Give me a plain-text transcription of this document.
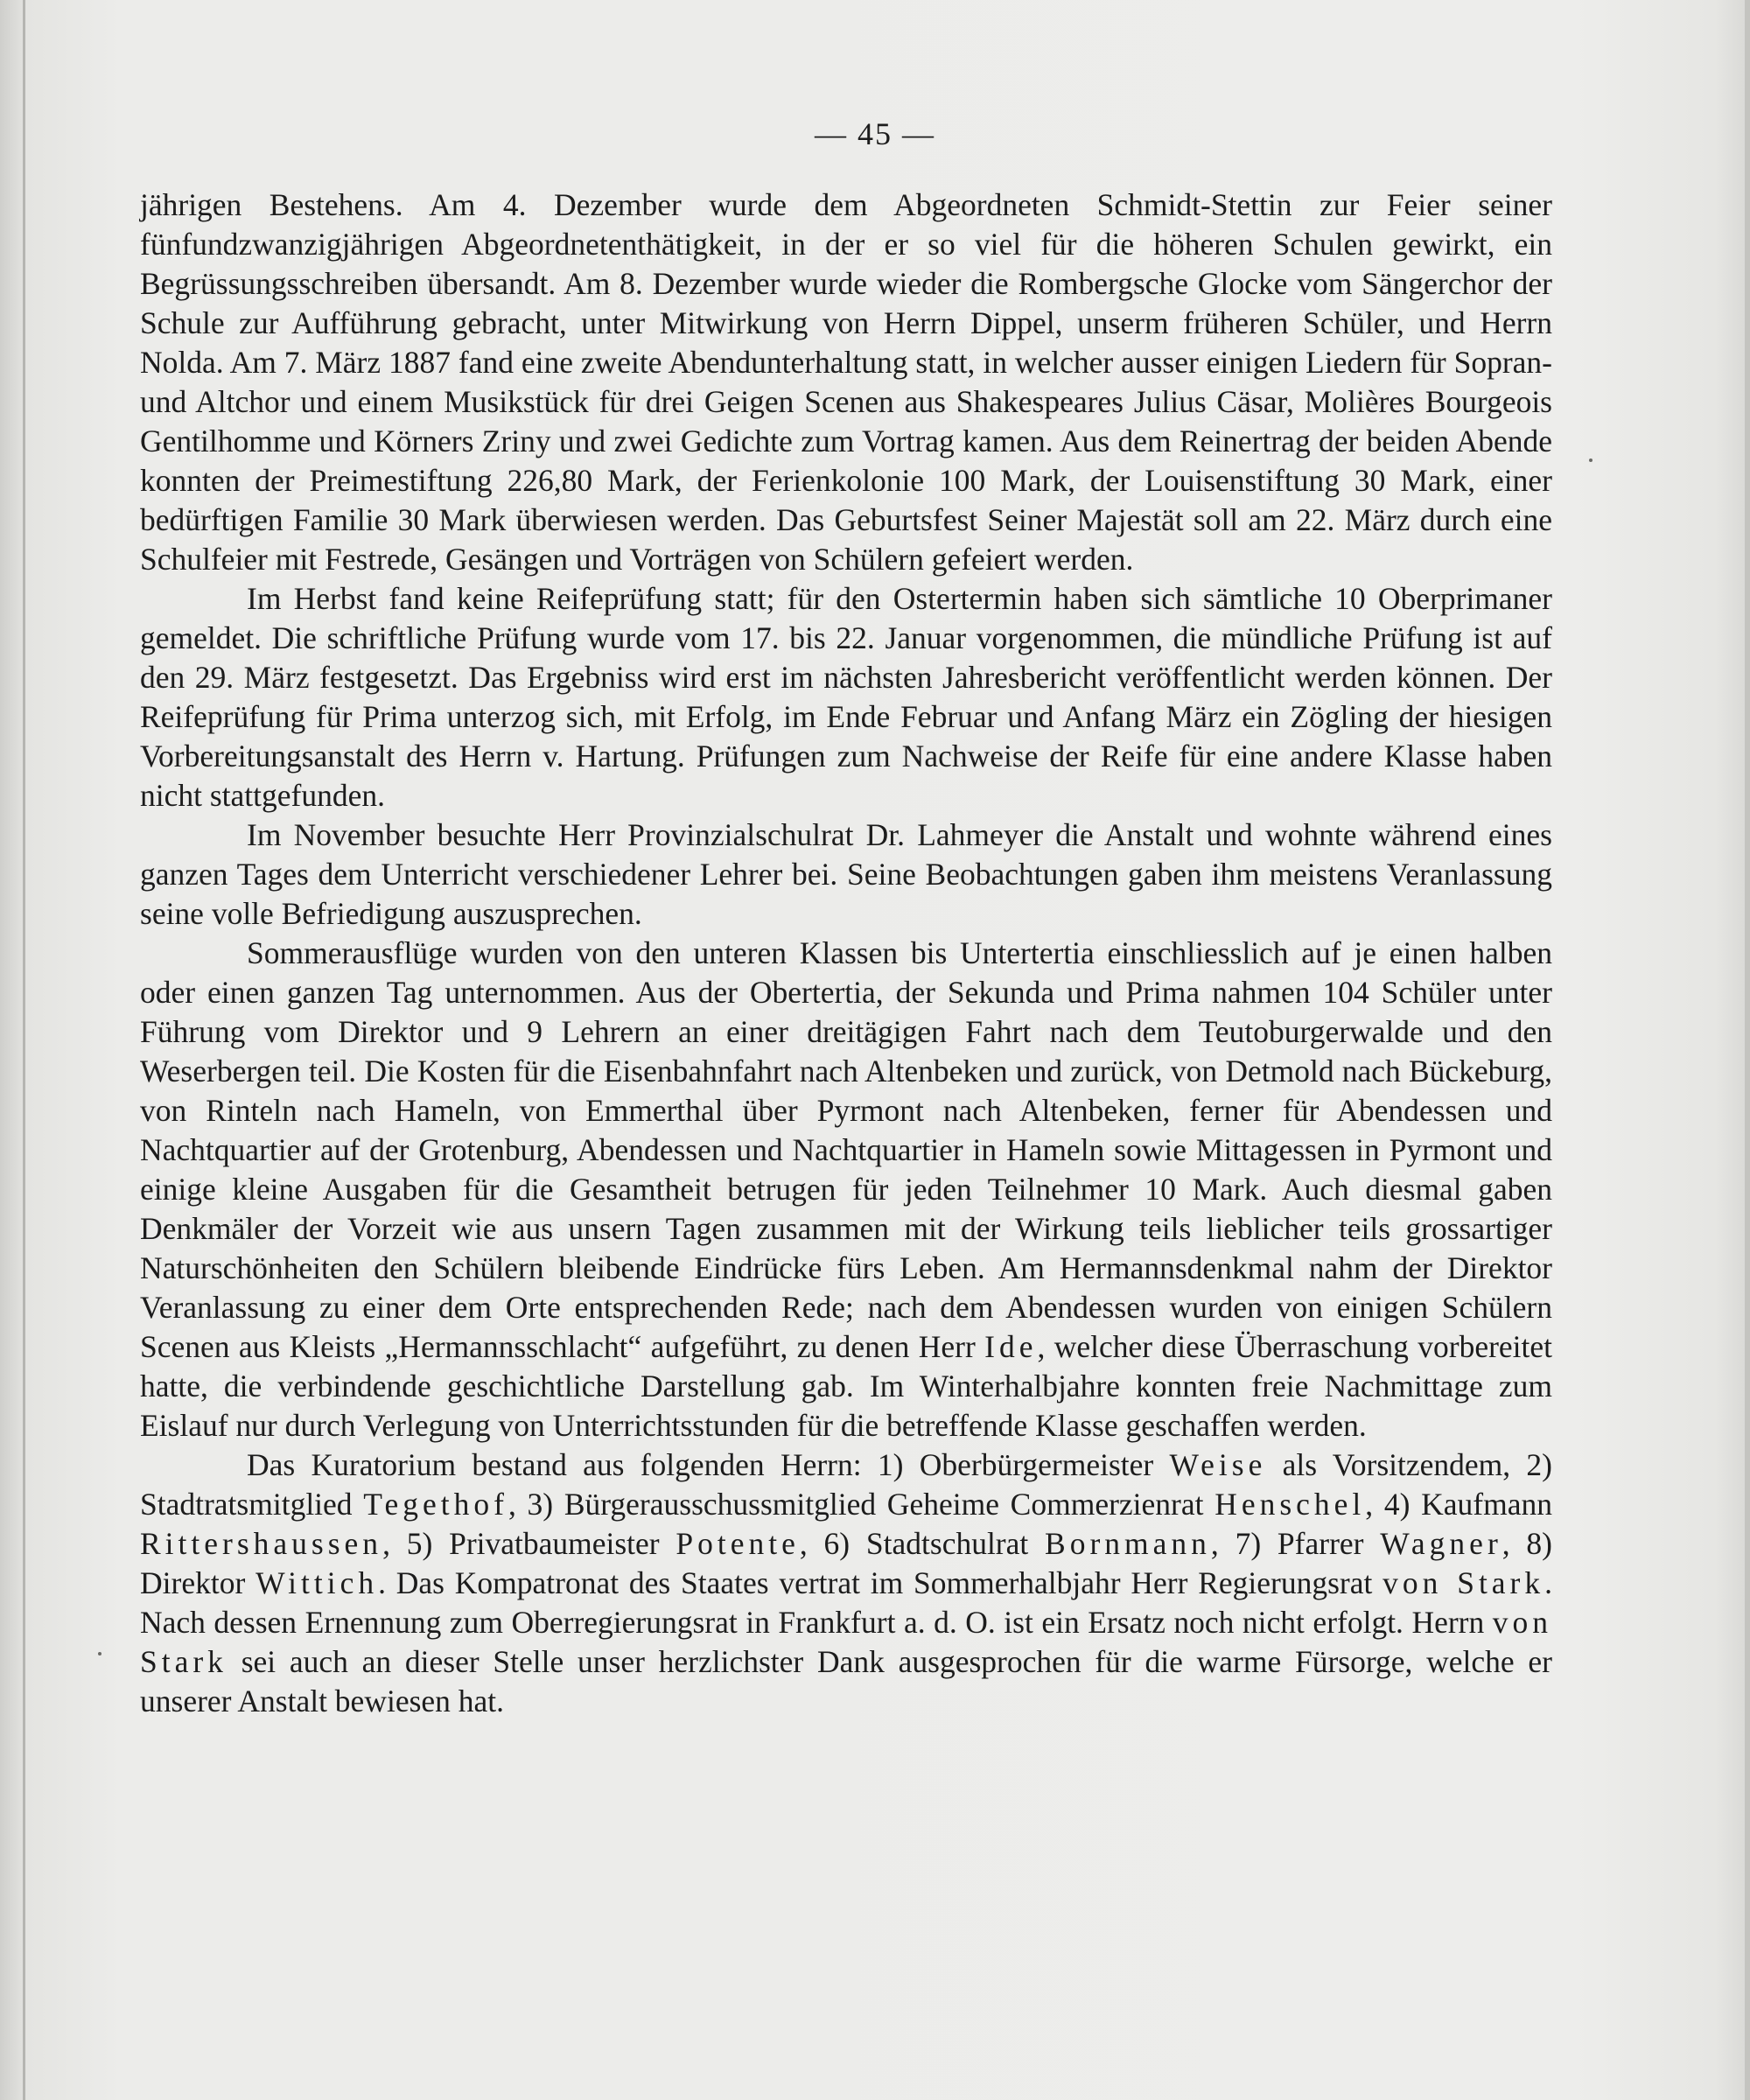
— 45 —

jährigen Bestehens. Am 4. Dezember wurde dem Abgeordneten Schmidt-Stettin zur Feier seiner fünfundzwanzigjährigen Abgeordnetenthätigkeit, in der er so viel für die höheren Schulen gewirkt, ein Begrüssungsschreiben übersandt. Am 8. Dezember wurde wieder die Rombergsche Glocke vom Sängerchor der Schule zur Aufführung gebracht, unter Mitwirkung von Herrn Dippel, unserm früheren Schüler, und Herrn Nolda. Am 7. März 1887 fand eine zweite Abendunterhaltung statt, in welcher ausser einigen Liedern für Sopran- und Altchor und einem Musikstück für drei Geigen Scenen aus Shakespeares Julius Cäsar, Molières Bourgeois Gentilhomme und Körners Zriny und zwei Gedichte zum Vortrag kamen. Aus dem Reinertrag der beiden Abende konnten der Preimestiftung 226,80 Mark, der Ferienkolonie 100 Mark, der Louisenstiftung 30 Mark, einer bedürftigen Familie 30 Mark überwiesen werden. Das Geburtsfest Seiner Majestät soll am 22. März durch eine Schulfeier mit Festrede, Gesängen und Vorträgen von Schülern gefeiert werden.

Im Herbst fand keine Reifeprüfung statt; für den Ostertermin haben sich sämtliche 10 Oberprimaner gemeldet. Die schriftliche Prüfung wurde vom 17. bis 22. Januar vorgenommen, die mündliche Prüfung ist auf den 29. März festgesetzt. Das Ergebniss wird erst im nächsten Jahresbericht veröffentlicht werden können. Der Reifeprüfung für Prima unterzog sich, mit Erfolg, im Ende Februar und Anfang März ein Zögling der hiesigen Vorbereitungsanstalt des Herrn v. Hartung. Prüfungen zum Nachweise der Reife für eine andere Klasse haben nicht stattgefunden.

Im November besuchte Herr Provinzialschulrat Dr. Lahmeyer die Anstalt und wohnte während eines ganzen Tages dem Unterricht verschiedener Lehrer bei. Seine Beobachtungen gaben ihm meistens Veranlassung seine volle Befriedigung auszusprechen.

Sommerausflüge wurden von den unteren Klassen bis Untertertia einschliesslich auf je einen halben oder einen ganzen Tag unternommen. Aus der Obertertia, der Sekunda und Prima nahmen 104 Schüler unter Führung vom Direktor und 9 Lehrern an einer dreitägigen Fahrt nach dem Teutoburgerwalde und den Weserbergen teil. Die Kosten für die Eisenbahnfahrt nach Altenbeken und zurück, von Detmold nach Bückeburg, von Rinteln nach Hameln, von Emmerthal über Pyrmont nach Altenbeken, ferner für Abendessen und Nachtquartier auf der Grotenburg, Abendessen und Nachtquartier in Hameln sowie Mittagessen in Pyrmont und einige kleine Ausgaben für die Gesamtheit betrugen für jeden Teilnehmer 10 Mark. Auch diesmal gaben Denkmäler der Vorzeit wie aus unsern Tagen zusammen mit der Wirkung teils lieblicher teils grossartiger Naturschönheiten den Schülern bleibende Eindrücke fürs Leben. Am Hermannsdenkmal nahm der Direktor Veranlassung zu einer dem Orte entsprechenden Rede; nach dem Abendessen wurden von einigen Schülern Scenen aus Kleists „Hermannsschlacht“ aufgeführt, zu denen Herr Ide, welcher diese Überraschung vorbereitet hatte, die verbindende geschichtliche Darstellung gab. Im Winterhalbjahre konnten freie Nachmittage zum Eislauf nur durch Verlegung von Unterrichtsstunden für die betreffende Klasse geschaffen werden.

Das Kuratorium bestand aus folgenden Herrn: 1) Oberbürgermeister Weise als Vorsitzendem, 2) Stadtratsmitglied Tegethof, 3) Bürgerausschussmitglied Geheime Commerzienrat Henschel, 4) Kaufmann Rittershaussen, 5) Privatbaumeister Potente, 6) Stadtschulrat Bornmann, 7) Pfarrer Wagner, 8) Direktor Wittich. Das Kompatronat des Staates vertrat im Sommerhalbjahr Herr Regierungsrat von Stark. Nach dessen Ernennung zum Oberregierungsrat in Frankfurt a. d. O. ist ein Ersatz noch nicht erfolgt. Herrn von Stark sei auch an dieser Stelle unser herzlichster Dank ausgesprochen für die warme Fürsorge, welche er unserer Anstalt bewiesen hat.
